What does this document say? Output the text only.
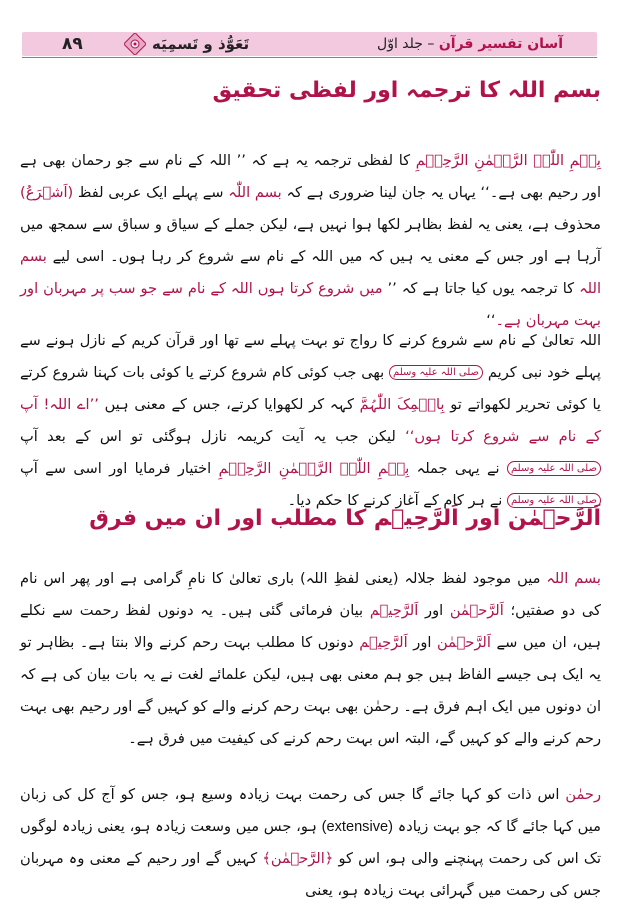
۸۹	تَعَوُّذ و تَسمِيَه	آسان تفسیر قرآن – جلد اوّل
بسم اللہ کا ترجمہ اور لفظی تحقیق

بِسۡمِ اللّٰہِ الرَّحۡمٰنِ الرَّحِیۡمِ کا لفظی ترجمہ یہ ہے کہ ’’ اللہ کے نام سے جو رحمان بھی ہے اور رحیم بھی ہے۔‘‘ یہاں یہ جان لینا ضروری ہے کہ بسم اللّٰہ سے پہلے ایک عربی لفظ (اَشۡرَعُ) محذوف ہے، یعنی یہ لفظ بظاہر لکھا ہوا نہیں ہے، لیکن جملے کے سیاق و سباق سے سمجھ میں آرہا ہے اور جس کے معنی یہ ہیں کہ میں اللہ کے نام سے شروع کر رہا ہوں۔ اسی لیے بسم اللہ کا ترجمہ یوں کیا جاتا ہے کہ ’’ میں شروع کرتا ہوں اللہ کے نام سے جو سب پر مہربان اور بہت مہربان ہے۔‘‘

اللہ تعالیٰ کے نام سے شروع کرنے کا رواج تو بہت پہلے سے تھا اور قرآن کریم کے نازل ہونے سے پہلے خود نبی کریم صلی اللہ علیہ وسلم بھی جب کوئی کام شروع کرتے یا کوئی بات کہنا شروع کرتے یا کوئی تحریر لکھواتے تو بِاسۡمِکَ اللّٰہُمَّ کہہ کر لکھوایا کرتے، جس کے معنی ہیں ’’اے اللہ! آپ کے نام سے شروع کرتا ہوں‘‘ لیکن جب یہ آیت کریمہ نازل ہوگئی تو اس کے بعد آپ صلی اللہ علیہ وسلم نے یہی جملہ بِسۡمِ اللّٰہِ الرَّحۡمٰنِ الرَّحِیۡمِ اختیار فرمایا اور اسی سے آپ صلی اللہ علیہ وسلم نے ہر کام کے آغاز کرنے کا حکم دیا۔

اَلرَّحۡمٰن اور اَلرَّحِیۡم کا مطلب اور ان میں فرق

بسم اللہ میں موجود لفظ جلالہ (یعنی لفظِ اللہ) باری تعالیٰ کا نامِ گرامی ہے اور پھر اس نام کی دو صفتیں؛ اَلرَّحۡمٰن اور اَلرَّحِیۡم بیان فرمائی گئی ہیں۔ یہ دونوں لفظ رحمت سے نکلے ہیں، ان میں سے اَلرَّحۡمٰن اور اَلرَّحِیۡم دونوں کا مطلب بہت رحم کرنے والا بنتا ہے۔ بظاہر تو یہ ایک ہی جیسے الفاظ ہیں جو ہم معنی بھی ہیں، لیکن علمائے لغت نے یہ بات بیان کی ہے کہ ان دونوں میں ایک اہم فرق ہے۔ رحمٰن بھی بہت رحم کرنے والے کو کہیں گے اور رحیم بھی بہت رحم کرنے والے کو کہیں گے، البتہ اس بہت رحم کرنے کی کیفیت میں فرق ہے۔

رحمٰن اس ذات کو کہا جائے گا جس کی رحمت بہت زیادہ وسیع ہو، جس کو آج کل کی زبان میں کہا جائے گا کہ جو بہت زیادہ (extensive) ہو، جس میں وسعت زیادہ ہو، یعنی زیادہ لوگوں تک اس کی رحمت پہنچنے والی ہو، اس کو ﴿الرَّحۡمٰن﴾ کہیں گے اور رحیم کے معنی وہ مہربان جس کی رحمت میں گہرائی بہت زیادہ ہو، یعنی
